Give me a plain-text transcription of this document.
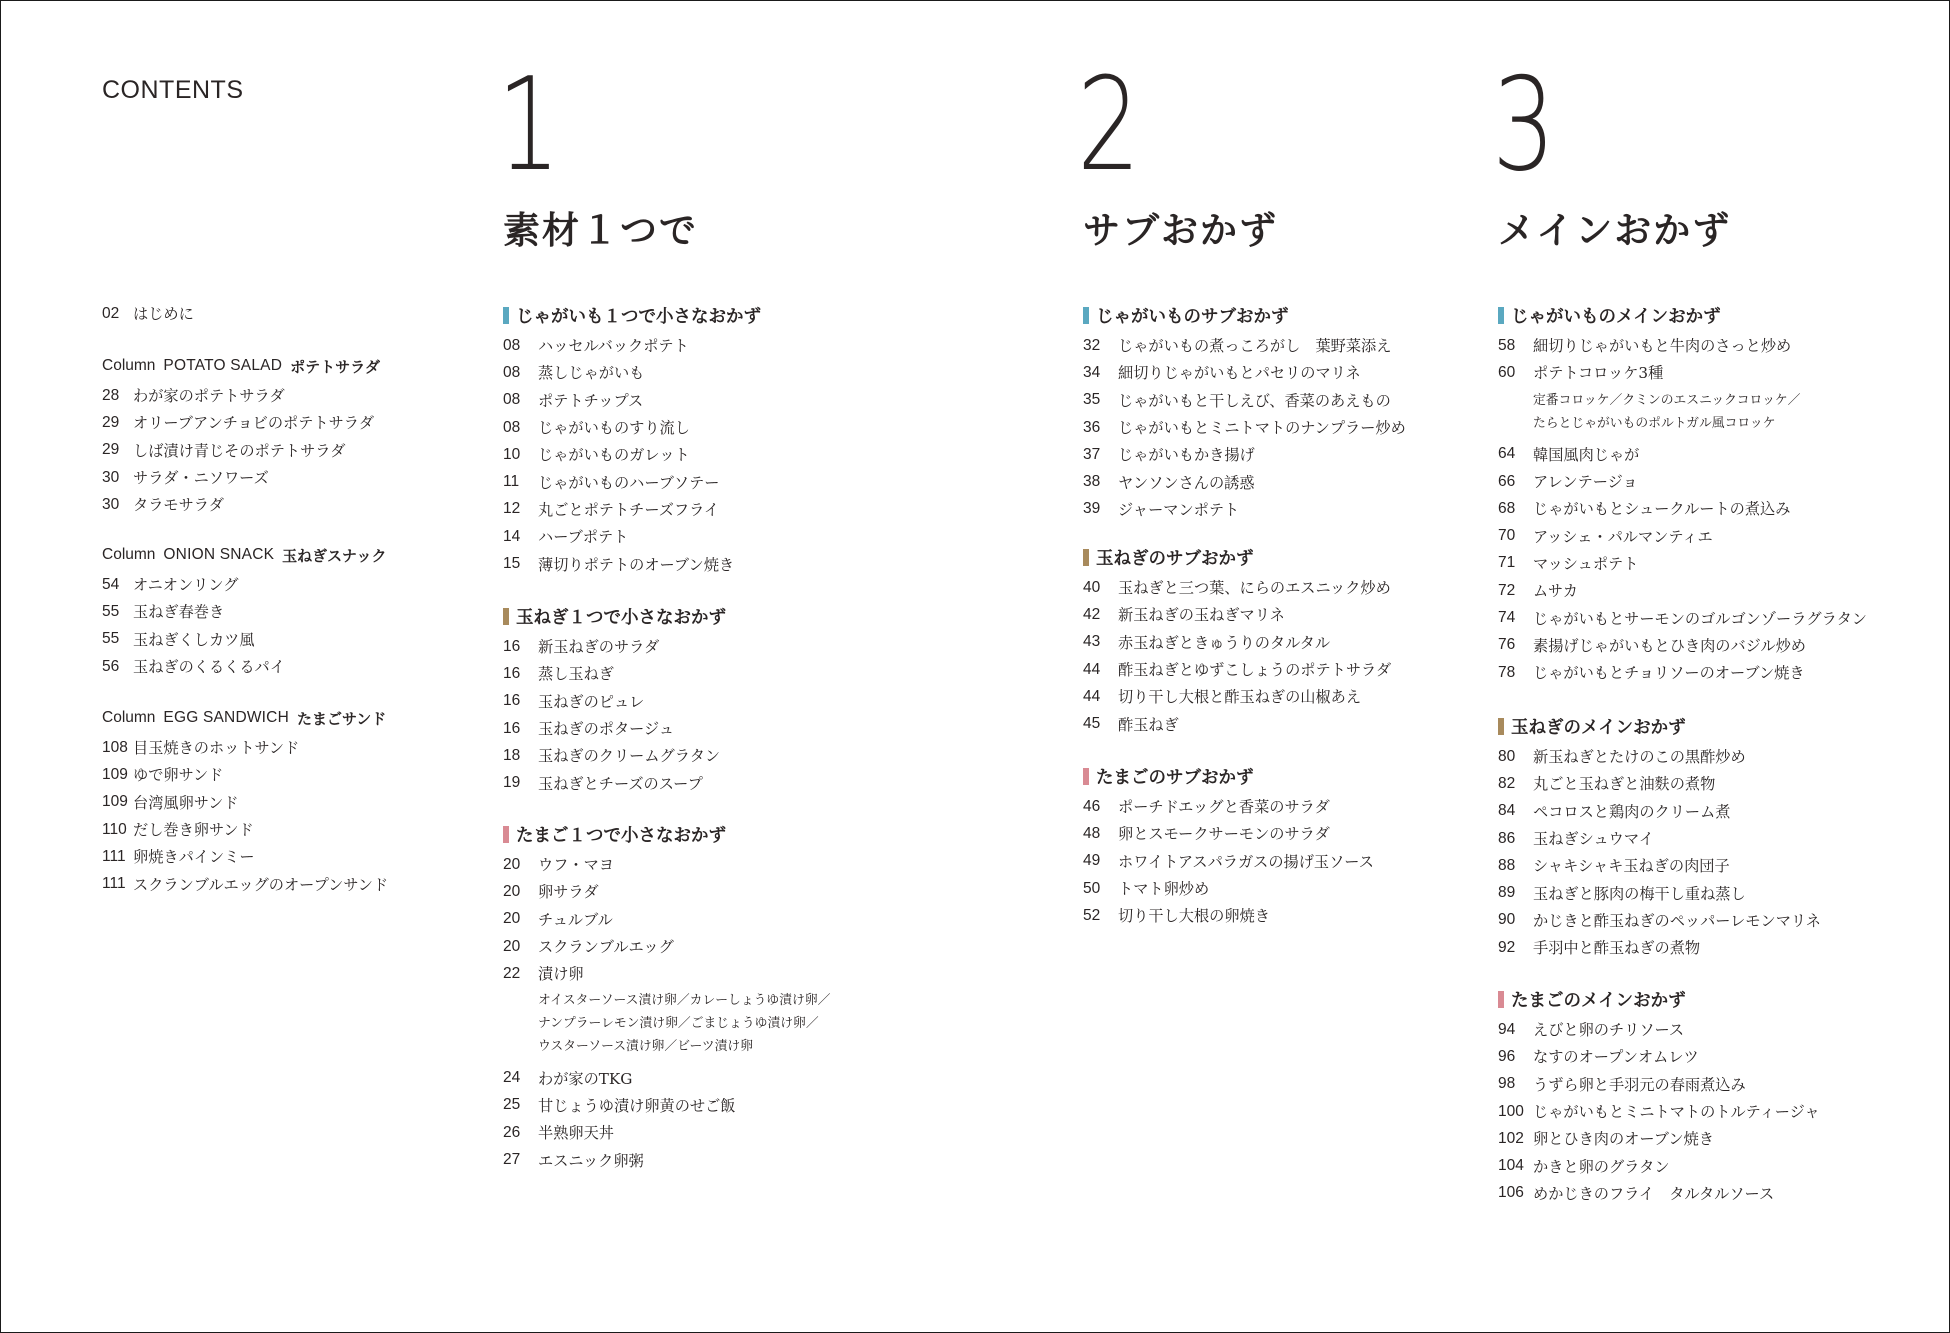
CONTENTS
02 はじめに
Column POTATO SALAD ポテトサラダ
28 わが家のポテトサラダ
29 オリーブアンチョビのポテトサラダ
29 しば漬け青じそのポテトサラダ
30 サラダ・ニソワーズ
30 タラモサラダ
Column ONION SNACK 玉ねぎスナック
54 オニオンリング
55 玉ねぎ春巻き
55 玉ねぎくしカツ風
56 玉ねぎのくるくるパイ
Column EGG SANDWICH たまごサンド
108 目玉焼きのホットサンド
109 ゆで卵サンド
109 台湾風卵サンド
110 だし巻き卵サンド
111 卵焼きパインミー
111 スクランブルエッグのオープンサンド
1
素材１つで
じゃがいも１つで小さなおかず
08	ハッセルバックポテト
08	蒸しじゃがいも
08	ポテトチップス
08	じゃがいものすり流し
10	じゃがいものガレット
11	じゃがいものハーブソテー
12	丸ごとポテトチーズフライ
14	ハーブポテト
15	薄切りポテトのオーブン焼き
玉ねぎ１つで小さなおかず
16	新玉ねぎのサラダ
16	蒸し玉ねぎ
16	玉ねぎのピュレ
16	玉ねぎのポタージュ
18	玉ねぎのクリームグラタン
19	玉ねぎとチーズのスープ
たまご１つで小さなおかず
20	ウフ・マヨ
20	卵サラダ
20	チュルブル
20	スクランブルエッグ
22	漬け卵
オイスターソース漬け卵／カレーしょうゆ漬け卵／
ナンプラーレモン漬け卵／ごまじょうゆ漬け卵／
ウスターソース漬け卵／ビーツ漬け卵
24	わが家のTKG
25	甘じょうゆ漬け卵黄のせご飯
26	半熟卵天丼
27	エスニック卵粥
2
サブおかず
じゃがいものサブおかず
32	じゃがいもの煮っころがし　葉野菜添え
34	細切りじゃがいもとパセリのマリネ
35	じゃがいもと干しえび、香菜のあえもの
36	じゃがいもとミニトマトのナンプラー炒め
37	じゃがいもかき揚げ
38	ヤンソンさんの誘惑
39	ジャーマンポテト
玉ねぎのサブおかず
40	玉ねぎと三つ葉、にらのエスニック炒め
42	新玉ねぎの玉ねぎマリネ
43	赤玉ねぎときゅうりのタルタル
44	酢玉ねぎとゆずこしょうのポテトサラダ
44	切り干し大根と酢玉ねぎの山椒あえ
45	酢玉ねぎ
たまごのサブおかず
46	ポーチドエッグと香菜のサラダ
48	卵とスモークサーモンのサラダ
49	ホワイトアスパラガスの揚げ玉ソース
50	トマト卵炒め
52	切り干し大根の卵焼き
3
メインおかず
じゃがいものメインおかず
58	細切りじゃがいもと牛肉のさっと炒め
60	ポテトコロッケ3種
定番コロッケ／クミンのエスニックコロッケ／
たらとじゃがいものポルトガル風コロッケ
64	韓国風肉じゃが
66	アレンテージョ
68	じゃがいもとシュークルートの煮込み
70	アッシェ・パルマンティエ
71	マッシュポテト
72	ムサカ
74	じゃがいもとサーモンのゴルゴンゾーラグラタン
76	素揚げじゃがいもとひき肉のバジル炒め
78	じゃがいもとチョリソーのオーブン焼き
玉ねぎのメインおかず
80	新玉ねぎとたけのこの黒酢炒め
82	丸ごと玉ねぎと油麩の煮物
84	ペコロスと鶏肉のクリーム煮
86	玉ねぎシュウマイ
88	シャキシャキ玉ねぎの肉団子
89	玉ねぎと豚肉の梅干し重ね蒸し
90	かじきと酢玉ねぎのペッパーレモンマリネ
92	手羽中と酢玉ねぎの煮物
たまごのメインおかず
94	えびと卵のチリソース
96	なすのオープンオムレツ
98	うずら卵と手羽元の春雨煮込み
100 じゃがいもとミニトマトのトルティージャ
102 卵とひき肉のオーブン焼き
104 かきと卵のグラタン
106 めかじきのフライ　タルタルソース
